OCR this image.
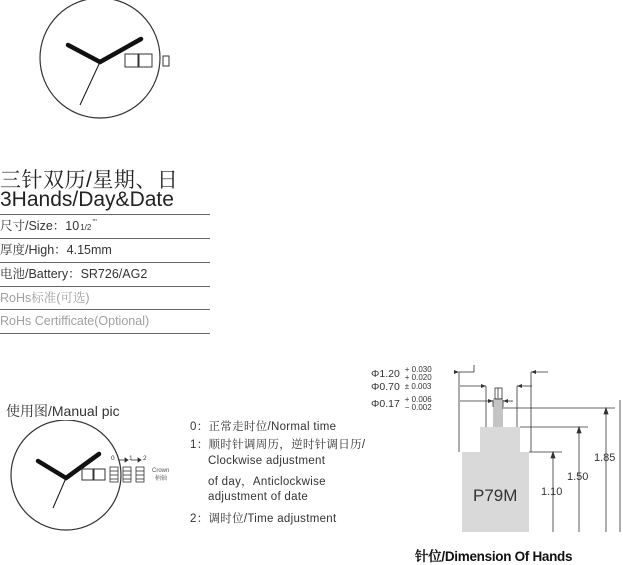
三针双历/星期、日
3Hands/Day&Date
尺寸/Size：10 1/2
'''
厚度/High：4.15mm
电池/Battery：SR726/AG2
RoHs标准(可选)
RoHs Certifficate(Optional)
使用图/Manual pic
0 1 2
Crown
柄轴
0：正常走时位/Normal time
1：顺时针调周历，逆时针调日历/
Clockwise adjustment
of day，Anticlockwise
adjustment of date
2：调时位/Time adjustment
Φ1.20 + 0.030
+ 0.020
Φ0.70 ± 0.003
Φ0.17 + 0.006
− 0.002
P79M 1.10
1.50
1.85
针位/Dimension Of Hands
